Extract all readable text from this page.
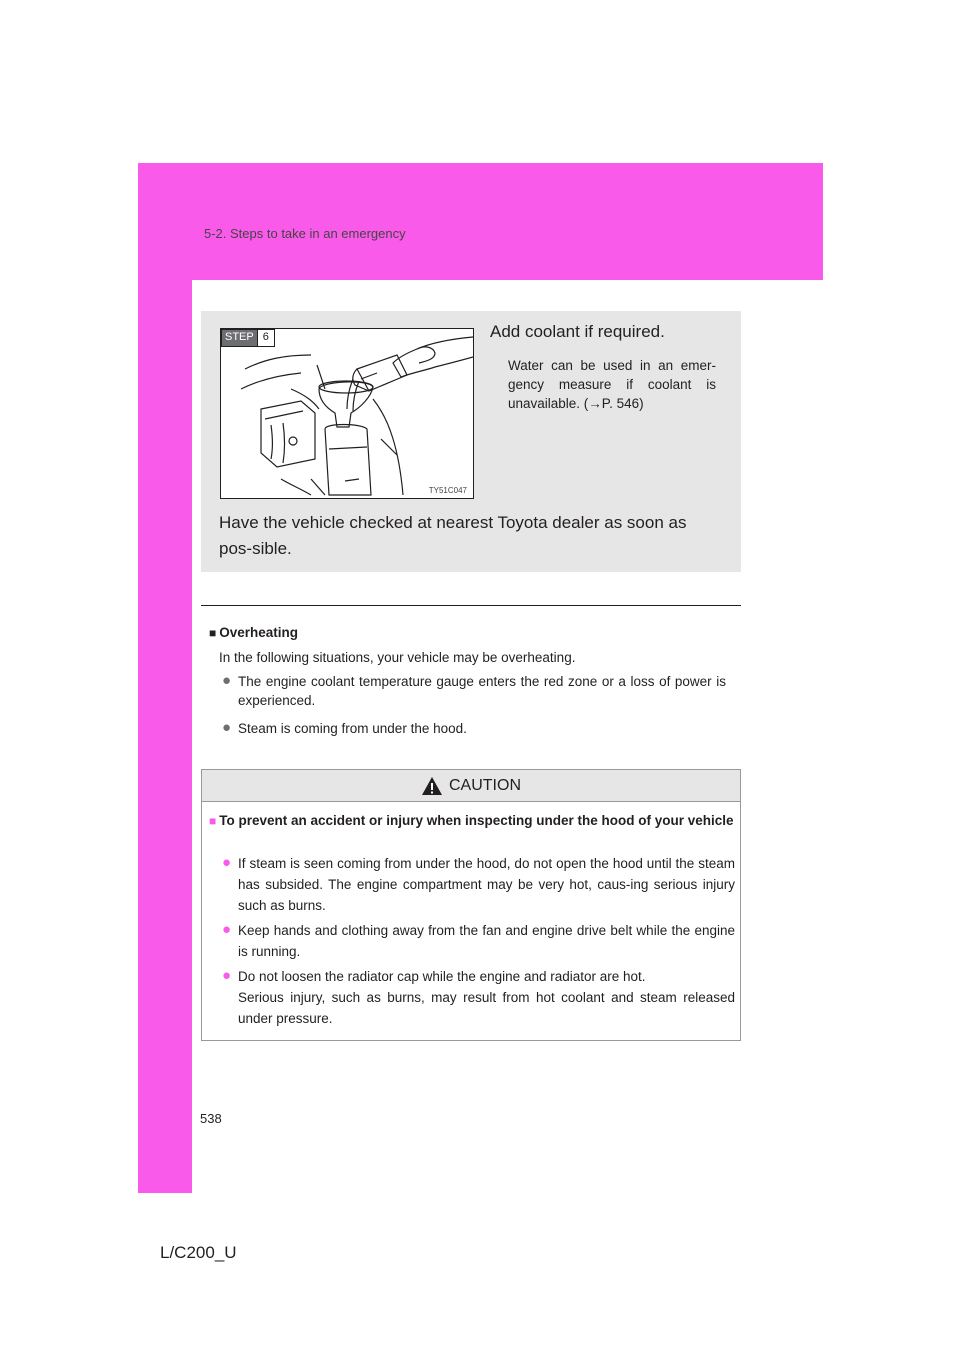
5-2. Steps to take in an emergency
STEP 6
TY51C047
Add coolant if required.
Water can be used in an emer-gency measure if coolant is unavailable. (→P. 546)
Have the vehicle checked at nearest Toyota dealer as soon as pos-sible.
■ Overheating
In the following situations, your vehicle may be overheating.
● The engine coolant temperature gauge enters the red zone or a loss of power is experienced.
● Steam is coming from under the hood.
CAUTION
■ To prevent an accident or injury when inspecting under the hood of your vehicle
● If steam is seen coming from under the hood, do not open the hood until the steam has subsided. The engine compartment may be very hot, caus-ing serious injury such as burns.
● Keep hands and clothing away from the fan and engine drive belt while the engine is running.
● Do not loosen the radiator cap while the engine and radiator are hot.
Serious injury, such as burns, may result from hot coolant and steam released under pressure.
538
L/C200_U
